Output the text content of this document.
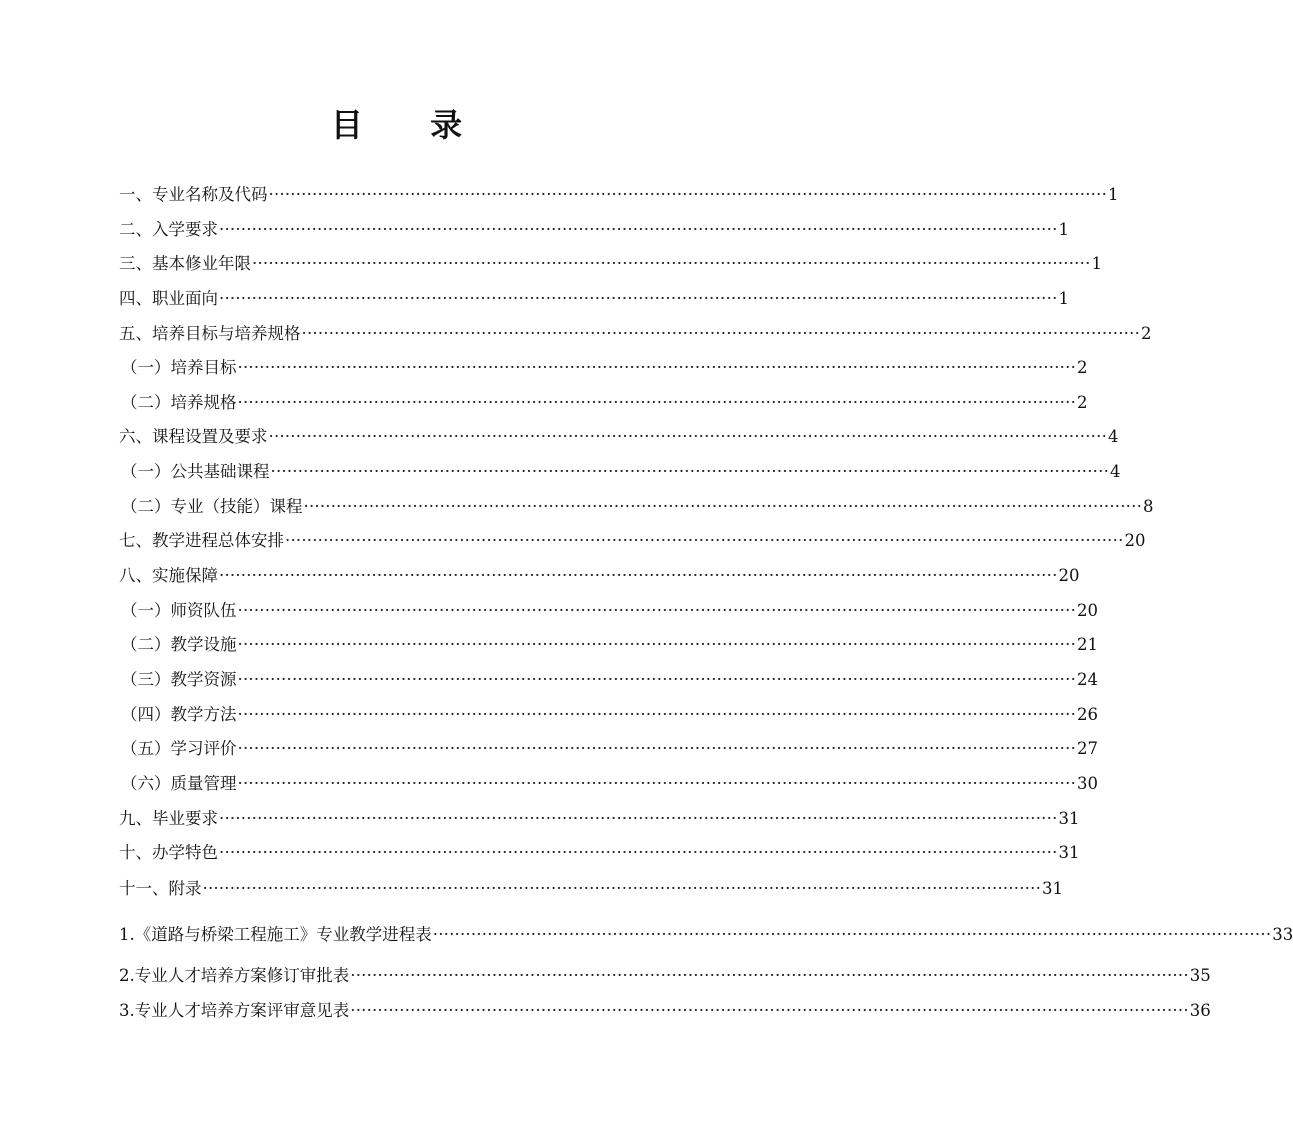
目 录
一、专业名称及代码 ·························································································································································· 1
二、入学要求 ·························································································································································· 1
三、基本修业年限 ·························································································································································· 1
四、职业面向 ·························································································································································· 1
五、培养目标与培养规格 ·························································································································································· 2
（一）培养目标 ·························································································································································· 2
（二）培养规格 ·························································································································································· 2
六、课程设置及要求 ·························································································································································· 4
（一）公共基础课程 ·························································································································································· 4
（二）专业（技能）课程 ·························································································································································· 8
七、教学进程总体安排 ·························································································································································· 20
八、实施保障 ·························································································································································· 20
（一）师资队伍 ·························································································································································· 20
（二）教学设施 ·························································································································································· 21
（三）教学资源 ·························································································································································· 24
（四）教学方法 ·························································································································································· 26
（五）学习评价 ·························································································································································· 27
（六）质量管理 ·························································································································································· 30
九、毕业要求 ·························································································································································· 31
十、办学特色 ·························································································································································· 31
十一、附录 ·························································································································································· 31
1.《道路与桥梁工程施工》专业教学进程表 ·························································································································································· 33
2.专业人才培养方案修订审批表 ·························································································································································· 35
3.专业人才培养方案评审意见表 ·························································································································································· 36
